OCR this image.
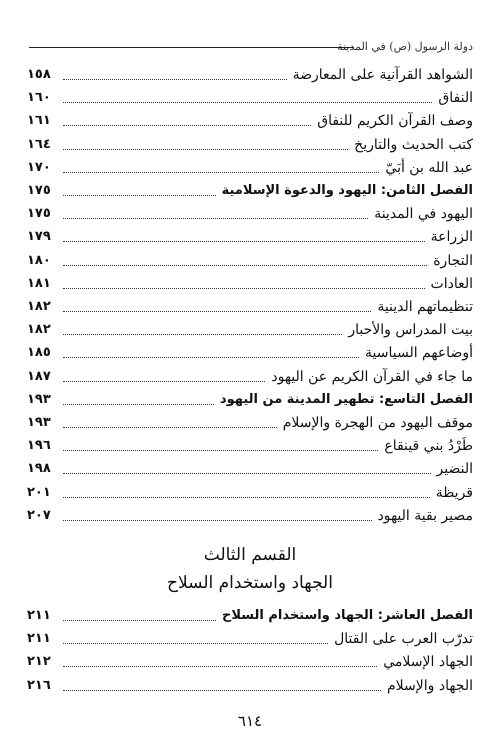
دولة الرسول (ص) في المدينة
الشواهد القرآنية على المعارضة
١٥٨
النفاق
١٦٠
وصف القرآن الكريم للنفاق
١٦١
كتب الحديث والتاريخ
١٦٤
عبد الله بن أبَيّ
١٧٠
الفصل الثامن: اليهود والدعوة الإسلامية
١٧٥
اليهود في المدينة
١٧٥
الزراعة
١٧٩
التجارة
١٨٠
العادات
١٨١
تنظيماتهم الدينية
١٨٢
بيت المدراس والأحبار
١٨٢
أوضاعهم السياسية
١٨٥
ما جاء في القرآن الكريم عن اليهود
١٨٧
الفصل التاسع: تطهير المدينة من اليهود
١٩٣
موقف اليهود من الهجرة والإسلام
١٩٣
طَرْدُ بني قينقاع
١٩٦
النضير
١٩٨
قريظة
٢٠١
مصير بقية اليهود
٢٠٧
الفصل العاشر: الجهاد واستخدام السلاح
٢١١
تدرّب العرب على القتال
٢١١
الجهاد الإسلامي
٢١٢
الجهاد والإسلام
٢١٦
القسم الثالث
الجهاد واستخدام السلاح
٦١٤
